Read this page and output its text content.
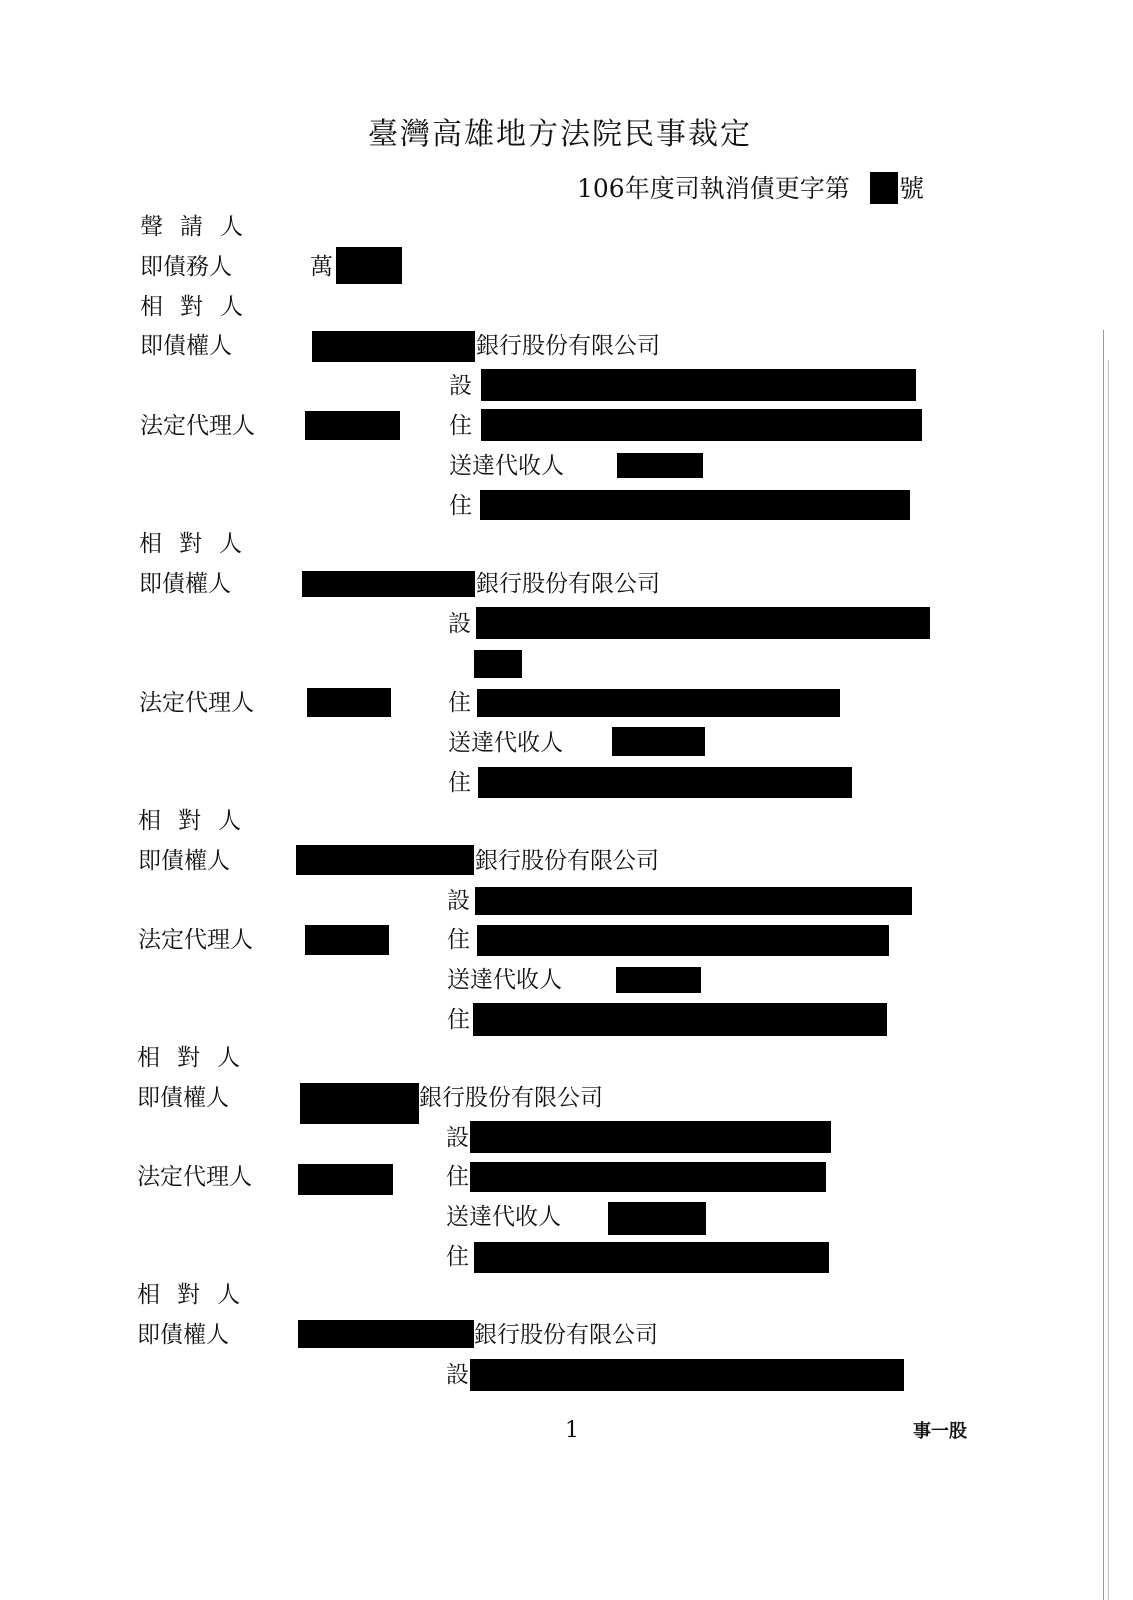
臺灣高雄地方法院民事裁定
106年度司執消債更字第 號
聲請人
即債務人	萬
相對人
即債權人	銀行股份有限公司
設
法定代理人	住
送達代收人
住
相對人
即債權人	銀行股份有限公司
設
法定代理人	住
送達代收人
住
相對人
即債權人	銀行股份有限公司
設
法定代理人	住
送達代收人
住
相對人
即債權人	銀行股份有限公司
設
法定代理人	住
送達代收人
住
相對人
即債權人	銀行股份有限公司
設
1	事一股
